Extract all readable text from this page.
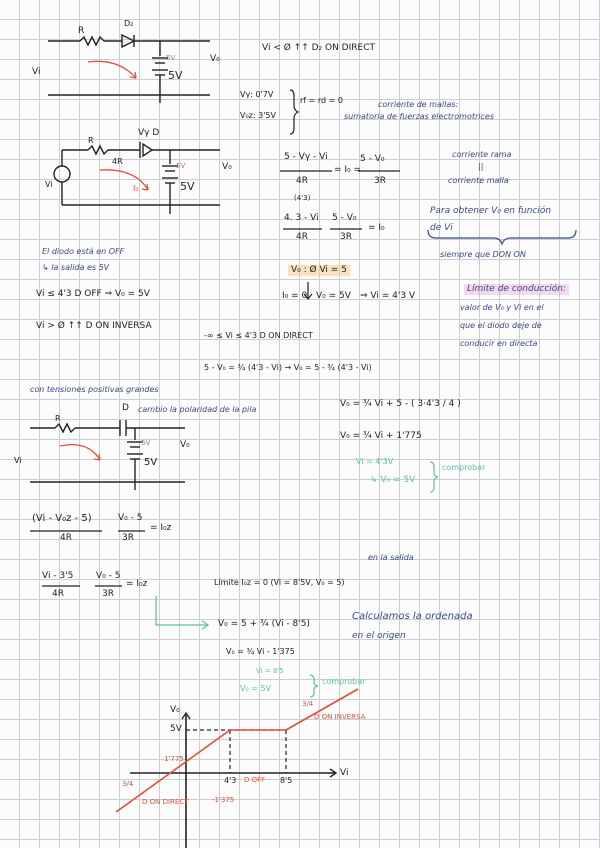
R
D₂
5V
5V
V₀
Vi
Vi < Ø ↑↑ D₂ ON DIRECT
Vγ: 0'7V
V₀z: 3'5V
rf = rd = 0	corriente de mallas:
sumatoria de fuerzas electromotrices
R
Vγ D
4R	5V
5V
V₀
Vi	I₀
5 - Vγ - Vi
4R
= I₀ =
5 - V₀
3R
(4'3)
corriente rama
||
corriente malla
4. 3 - Vi
4R
5 - V₀
3R
= I₀
Para obtener V₀ en función
de Vi
siempre que DON ON
El diodo está en OFF
↳ la salida es 5V	V₀ : Ø Vi = 5
I₀ = 0 V₀ = 5V ⇒ Vi = 4'3 V
Límite de conducción:
valor de V₀ y Vi en el
que el diodo deje de
conducir en directa
Vi ≤ 4'3 D OFF ⇒ V₀ = 5V
Vi > Ø ↑↑ D ON INVERSA
-∞ ≤ Vi ≤ 4'3 D ON DIRECT
5 - V₀ = ¾ (4'3 - Vi) → V₀ = 5 - ¾ (4'3 - Vi)
con tensiones positivas grandes
R
D cambio la polaridad de la pila
5V
5V
V₀
Vi
V₀ = ¾ Vi + 5 - ( 3·4'3 / 4 )
V₀ = ¾ Vi + 1'775
Vi = 4'3V
↳ V₀ = 5V
comprobar
(Vi - V₀z - 5)
4R
V₀ - 5
3R
= I₀z
Vi - 3'5
4R
V₀ - 5
3R
= I₀z
en la salida
Límite I₀z = 0 (Vi = 8'5V, V₀ = 5)
Calculamos la ordenada
en el origen
V₀ = 5 + ¾ (Vi - 8'5)
V₀ = ¾ Vi - 1'375
Vi = 8'5
V₀ = 5V
comprobar
V₀
Vi
5V
4'3	8'5
1'775
3/4
3/4
D OFF
D ON INVERSA
D ON DIRECT	-1'375
